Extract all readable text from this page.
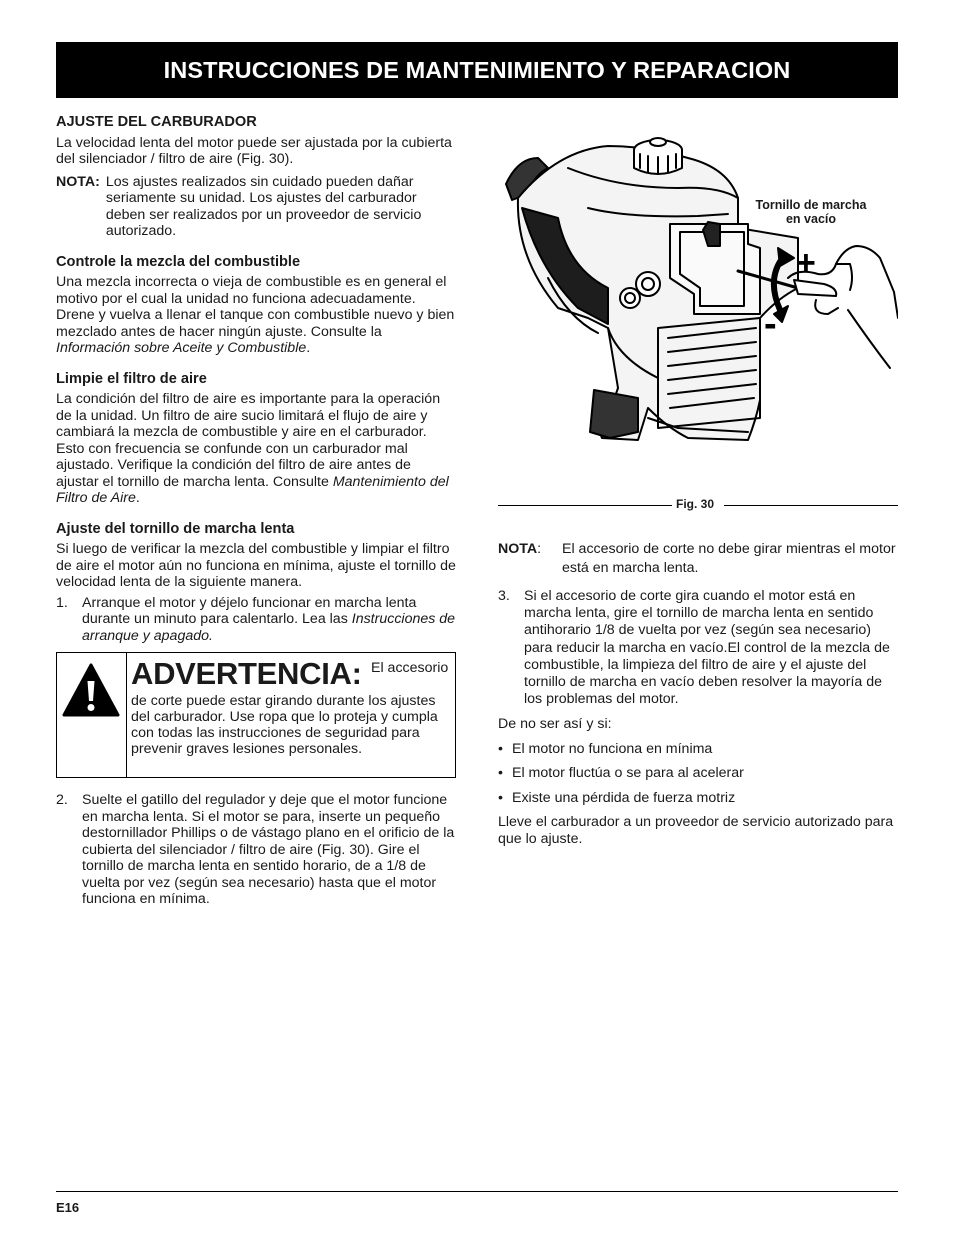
INSTRUCCIONES DE MANTENIMIENTO Y REPARACION
AJUSTE DEL CARBURADOR

La velocidad lenta del motor puede ser ajustada por la cubierta del silenciador / filtro de aire (Fig. 30).

NOTA: Los ajustes realizados sin cuidado pueden dañar seriamente su unidad. Los ajustes del carburador deben ser realizados por un proveedor de servicio autorizado.
Controle la mezcla del combustible

Una mezcla incorrecta o vieja de combustible es en general el motivo por el cual la unidad no funciona adecuadamente. Drene y vuelva a llenar el tanque con combustible nuevo y bien mezclado antes de hacer ningún ajuste. Consulte la Información sobre Aceite y Combustible.

Limpie el filtro de aire

La condición del filtro de aire es importante para la operación de la unidad. Un filtro de aire sucio limitará el flujo de aire y cambiará la mezcla de combustible y aire en el carburador. Esto con frecuencia se confunde con un carburador mal ajustado. Verifique la condición del filtro de aire antes de ajustar el tornillo de marcha lenta. Consulte Mantenimiento del Filtro de Aire.

Ajuste del tornillo de marcha lenta

Si luego de verificar la mezcla del combustible y limpiar el filtro de aire el motor aún no funciona en mínima, ajuste el tornillo de velocidad lenta de la siguiente manera.

1. Arranque el motor y déjelo funcionar en marcha lenta durante un minuto para calentarlo. Lea las Instrucciones de arranque y apagado.
ADVERTENCIA: El accesorio
de corte puede estar girando durante los ajustes del carburador. Use ropa que lo proteja y cumpla con todas las instrucciones de seguridad para prevenir graves lesiones personales.
2. Suelte el gatillo del regulador y deje que el motor funcione en marcha lenta. Si el motor se para, inserte un pequeño destornillador Phillips o de vástago plano en el orificio de la cubierta del silenciador / filtro de aire (Fig. 30). Gire el tornillo de marcha lenta en sentido horario, de a 1/8 de vuelta por vez (según sea necesario) hasta que el motor funciona en mínima.
+
-
Tornillo de marcha en vacío
Fig. 30
NOTA:	El accesorio de corte no debe girar mientras el motor está en marcha lenta.
3. Si el accesorio de corte gira cuando el motor está en marcha lenta, gire el tornillo de marcha lenta en sentido antihorario 1/8 de vuelta por vez (según sea necesario) para reducir la marcha en vacío.El control de la mezcla de combustible, la limpieza del filtro de aire y el ajuste del tornillo de marcha en vacío deben resolver la mayoría de los problemas del motor.

De no ser así y si:

• El motor no funciona en mínima
• El motor fluctúa o se para al acelerar
• Existe una pérdida de fuerza motriz

Lleve el carburador a un proveedor de servicio autorizado para que lo ajuste.

E16
